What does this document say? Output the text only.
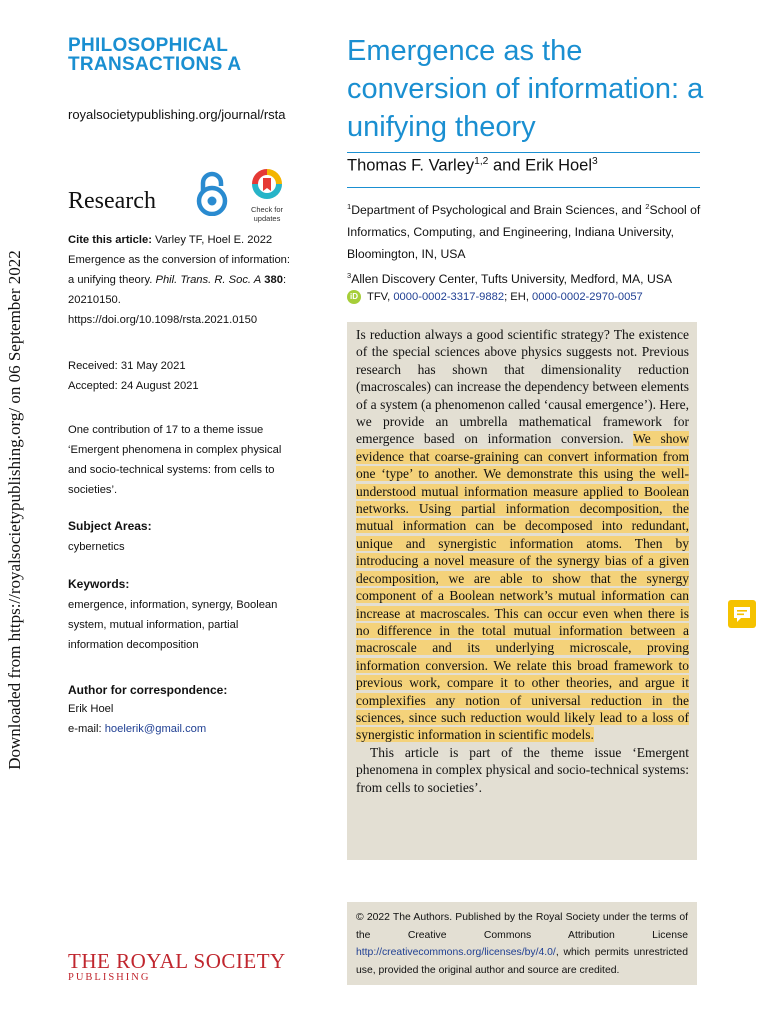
Downloaded from https://royalsocietypublishing.org/ on 06 September 2022
PHILOSOPHICAL
TRANSACTIONS A
royalsocietypublishing.org/journal/rsta
Research	Check for
updates
Cite this article: Varley TF, Hoel E. 2022 Emergence as the conversion of information: a unifying theory. Phil. Trans. R. Soc. A 380: 20210150. https://doi.org/10.1098/rsta.2021.0150
Received: 31 May 2021
Accepted: 24 August 2021
One contribution of 17 to a theme issue ‘Emergent phenomena in complex physical and socio-technical systems: from cells to societies’.
Subject Areas:
cybernetics
Keywords:
emergence, information, synergy, Boolean system, mutual information, partial information decomposition
Author for correspondence:
Erik Hoel
e-mail: hoelerik@gmail.com
THE ROYAL SOCIETY
PUBLISHING
Emergence as the conversion of information: a unifying theory
Thomas F. Varley$^{1,2}$ and Erik Hoel$^3$
$^1$Department of Psychological and Brain Sciences, and $^2$School of Informatics, Computing, and Engineering, Indiana University, Bloomington, IN, USA
$^3$Allen Discovery Center, Tufts University, Medford, MA, USA
iD TFV, 0000-0002-3317-9882; EH, 0000-0002-2970-0057

Is reduction always a good scientific strategy? The existence of the special sciences above physics suggests not. Previous research has shown that dimensionality reduction (macroscales) can increase the dependency between elements of a system (a phenomenon called ‘causal emergence’). Here, we provide an umbrella mathematical framework for emergence based on information conversion. We show evidence that coarse-graining can convert information from one ‘type’ to another. We demonstrate this using the well-understood mutual information measure applied to Boolean networks. Using partial information decomposition, the mutual information can be decomposed into redundant, unique and synergistic information atoms. Then by introducing a novel measure of the synergy bias of a given decomposition, we are able to show that the synergy component of a Boolean network’s mutual information can increase at macroscales. This can occur even when there is no difference in the total mutual information between a macroscale and its underlying microscale, proving information conversion. We relate this broad framework to previous work, compare it to other theories, and argue it complexifies any notion of universal reduction in the sciences, since such reduction would likely lead to a loss of synergistic information in scientific models.

This article is part of the theme issue ‘Emergent phenomena in complex physical and socio-technical systems: from cells to societies’.

© 2022 The Authors. Published by the Royal Society under the terms of the Creative Commons Attribution License http://creativecommons.org/licenses/by/4.0/, which permits unrestricted use, provided the original author and source are credited.
